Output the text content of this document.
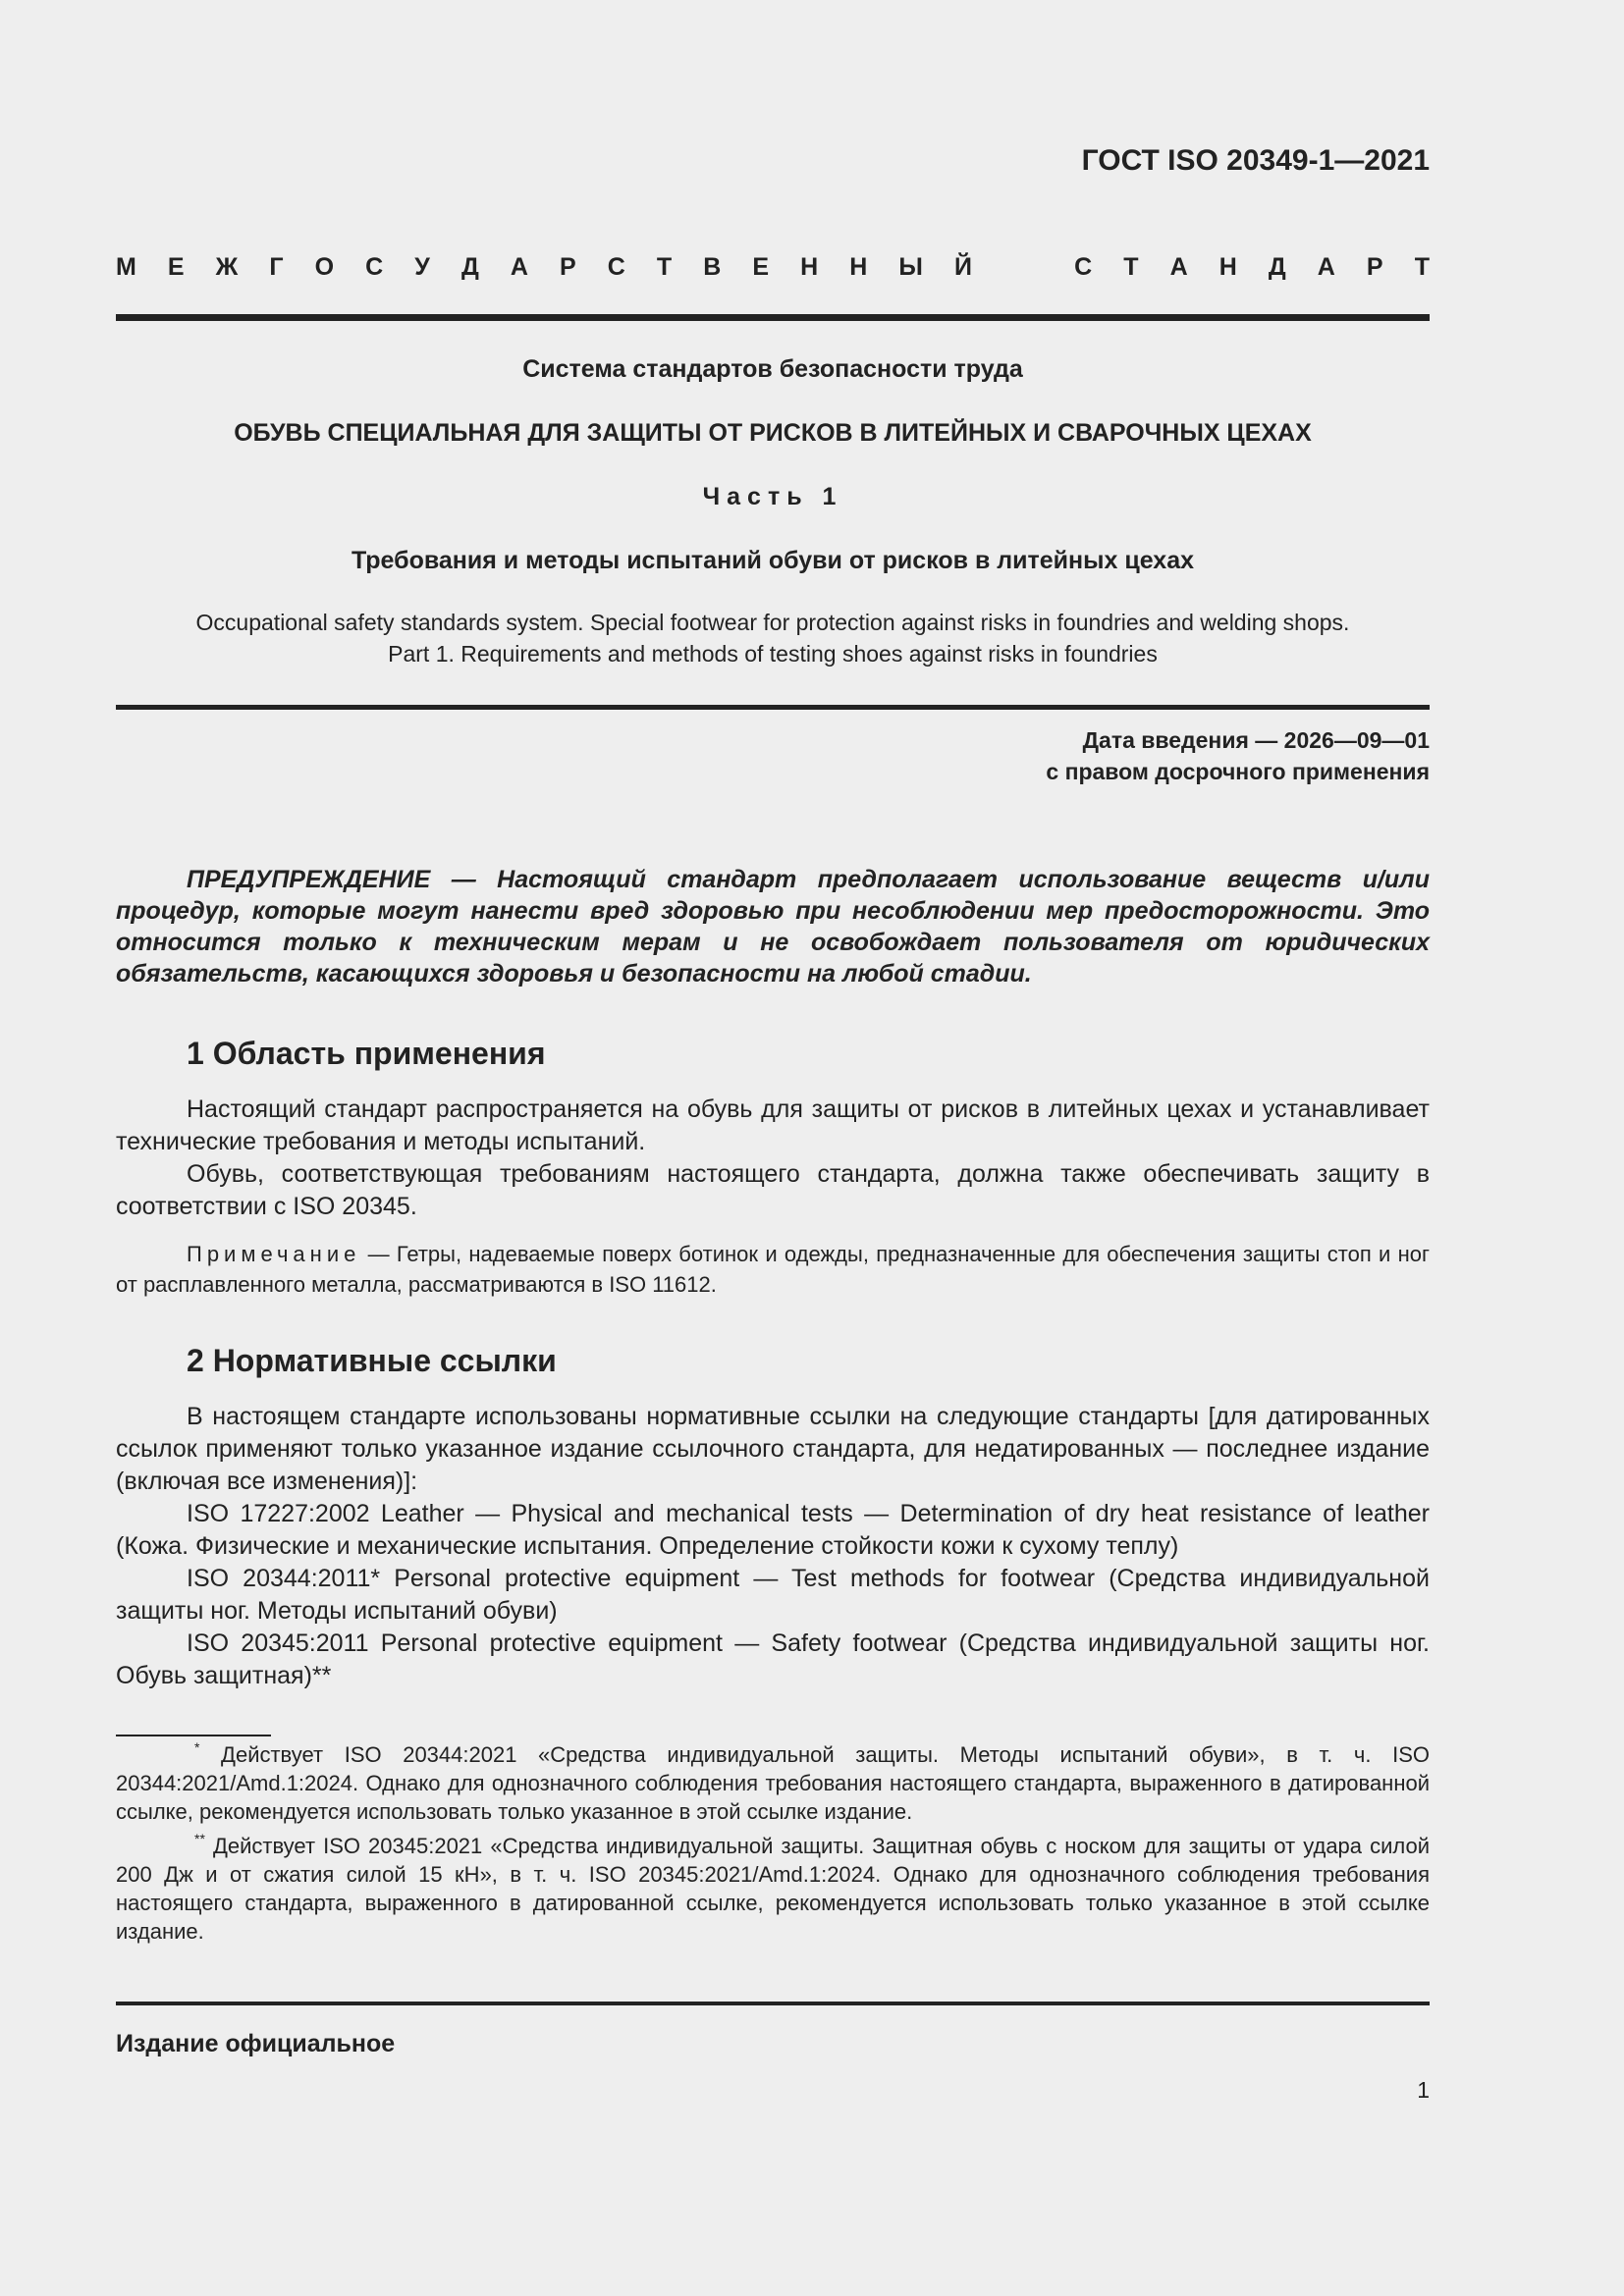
ГОСТ ISO 20349-1—2021
М Е Ж Г О С У Д А Р С Т В Е Н Н Ы Й	С Т А Н Д А Р Т
Система стандартов безопасности труда
ОБУВЬ СПЕЦИАЛЬНАЯ ДЛЯ ЗАЩИТЫ ОТ РИСКОВ В ЛИТЕЙНЫХ И СВАРОЧНЫХ ЦЕХАХ
Часть 1
Требования и методы испытаний обуви от рисков в литейных цехах
Occupational safety standards system. Special footwear for protection against risks in foundries and welding shops.
Part 1. Requirements and methods of testing shoes against risks in foundries
Дата введения — 2026—09—01
с правом досрочного применения
ПРЕДУПРЕЖДЕНИЕ — Настоящий стандарт предполагает использование веществ и/или процедур, которые могут нанести вред здоровью при несоблюдении мер предосторожности. Это относится только к техническим мерам и не освобождает пользователя от юридических обязательств, касающихся здоровья и безопасности на любой стадии.
1 Область применения

Настоящий стандарт распространяется на обувь для защиты от рисков в литейных цехах и устанавливает технические требования и методы испытаний.

Обувь, соответствующая требованиям настоящего стандарта, должна также обеспечивать защиту в соответствии с ISO 20345.

Примечание — Гетры, надеваемые поверх ботинок и одежды, предназначенные для обеспечения защиты стоп и ног от расплавленного металла, рассматриваются в ISO 11612.
2 Нормативные ссылки

В настоящем стандарте использованы нормативные ссылки на следующие стандарты [для датированных ссылок применяют только указанное издание ссылочного стандарта, для недатированных — последнее издание (включая все изменения)]:

ISO 17227:2002 Leather — Physical and mechanical tests — Determination of dry heat resistance of leather (Кожа. Физические и механические испытания. Определение стойкости кожи к сухому теплу)

ISO 20344:2011* Personal protective equipment — Test methods for footwear (Средства индивидуальной защиты ног. Методы испытаний обуви)

ISO 20345:2011 Personal protective equipment — Safety footwear (Средства индивидуальной защиты ног. Обувь защитная)**

* Действует ISO 20344:2021 «Средства индивидуальной защиты. Методы испытаний обуви», в т. ч. ISO 20344:2021/Amd.1:2024. Однако для однозначного соблюдения требования настоящего стандарта, выраженного в датированной ссылке, рекомендуется использовать только указанное в этой ссылке издание.

** Действует ISO 20345:2021 «Средства индивидуальной защиты. Защитная обувь с носком для защиты от удара силой 200 Дж и от сжатия силой 15 кН», в т. ч. ISO 20345:2021/Amd.1:2024. Однако для однозначного соблюдения требования настоящего стандарта, выраженного в датированной ссылке, рекомендуется использовать только указанное в этой ссылке издание.

Издание официальное
1
